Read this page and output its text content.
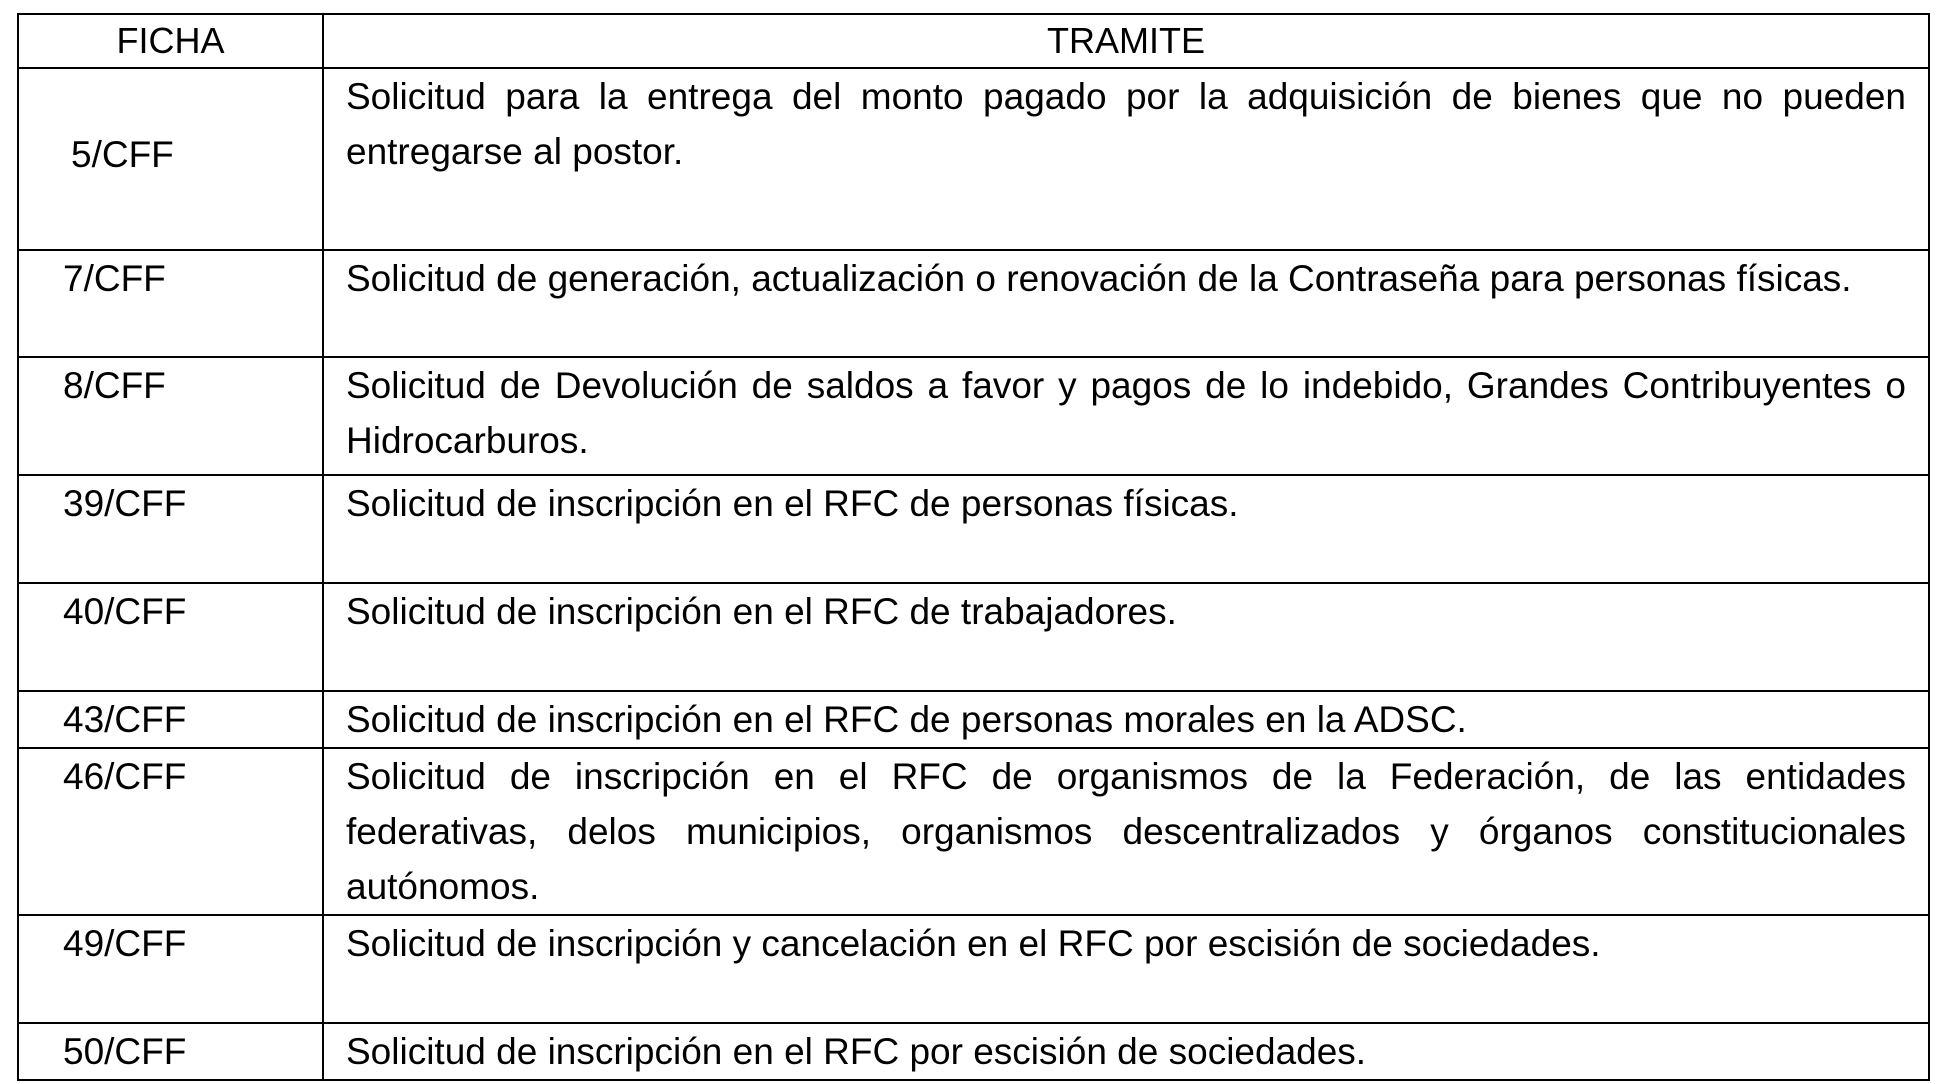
FICHA	TRAMITE
5/CFF	Solicitud para la entrega del monto pagado por la adquisición de bienes que no pueden entregarse al postor.
7/CFF	Solicitud de generación, actualización o renovación de la Contraseña para personas físicas.
8/CFF	Solicitud de Devolución de saldos a favor y pagos de lo indebido, Grandes Contribuyentes o Hidrocarburos.
39/CFF	Solicitud de inscripción en el RFC de personas físicas.
40/CFF	Solicitud de inscripción en el RFC de trabajadores.
43/CFF	Solicitud de inscripción en el RFC de personas morales en la ADSC.
46/CFF	Solicitud de inscripción en el RFC de organismos de la Federación, de las entidades federativas, delos municipios, organismos descentralizados y órganos constitucionales autónomos.
49/CFF	Solicitud de inscripción y cancelación en el RFC por escisión de sociedades.
50/CFF	Solicitud de inscripción en el RFC por escisión de sociedades.
